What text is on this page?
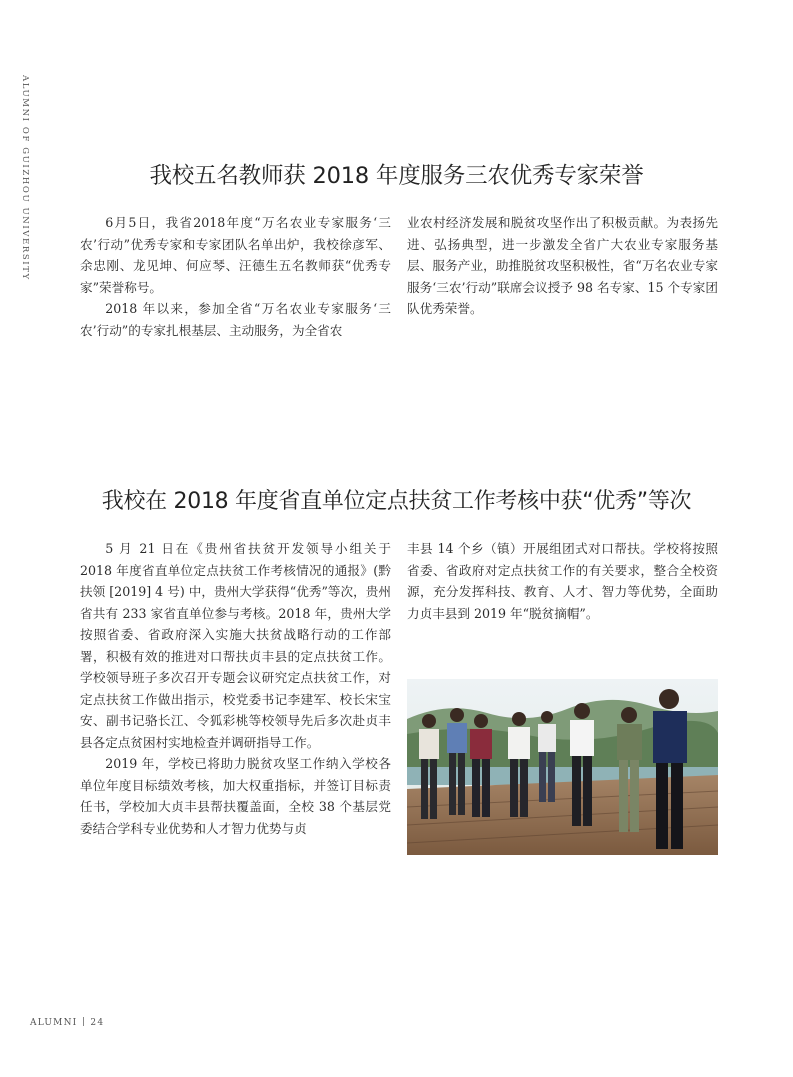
ALUMNI OF GUIZHOU UNIVERSITY	我校五名教师获 2018 年度服务三农优秀专家荣誉

6月5日，我省2018年度“万名农业专家服务‘三农’行动”优秀专家和专家团队名单出炉，我校徐彦军、余忠刚、龙见坤、何应琴、汪德生五名教师获“优秀专家”荣誉称号。

2018 年以来，参加全省“万名农业专家服务‘三农’行动”的专家扎根基层、主动服务，为全省农

业农村经济发展和脱贫攻坚作出了积极贡献。为表扬先进、弘扬典型，进一步激发全省广大农业专家服务基层、服务产业，助推脱贫攻坚积极性，省“万名农业专家服务‘三农’行动”联席会议授予 98 名专家、15 个专家团队优秀荣誉。

我校在 2018 年度省直单位定点扶贫工作考核中获“优秀”等次

5 月 21 日在《贵州省扶贫开发领导小组关于 2018 年度省直单位定点扶贫工作考核情况的通报》(黔扶领 [2019] 4 号) 中，贵州大学获得“优秀”等次，贵州省共有 233 家省直单位参与考核。2018 年，贵州大学按照省委、省政府深入实施大扶贫战略行动的工作部署，积极有效的推进对口帮扶贞丰县的定点扶贫工作。学校领导班子多次召开专题会议研究定点扶贫工作，对定点扶贫工作做出指示，校党委书记李建军、校长宋宝安、副书记骆长江、令狐彩桃等校领导先后多次赴贞丰县各定点贫困村实地检查并调研指导工作。

2019 年，学校已将助力脱贫攻坚工作纳入学校各单位年度目标绩效考核，加大权重指标，并签订目标责任书，学校加大贞丰县帮扶覆盖面，全校 38 个基层党委结合学科专业优势和人才智力优势与贞

丰县 14 个乡（镇）开展组团式对口帮扶。学校将按照省委、省政府对定点扶贫工作的有关要求，整合全校资源，充分发挥科技、教育、人才、智力等优势，全面助力贞丰县到 2019 年“脱贫摘帽”。

ALUMNI 24
